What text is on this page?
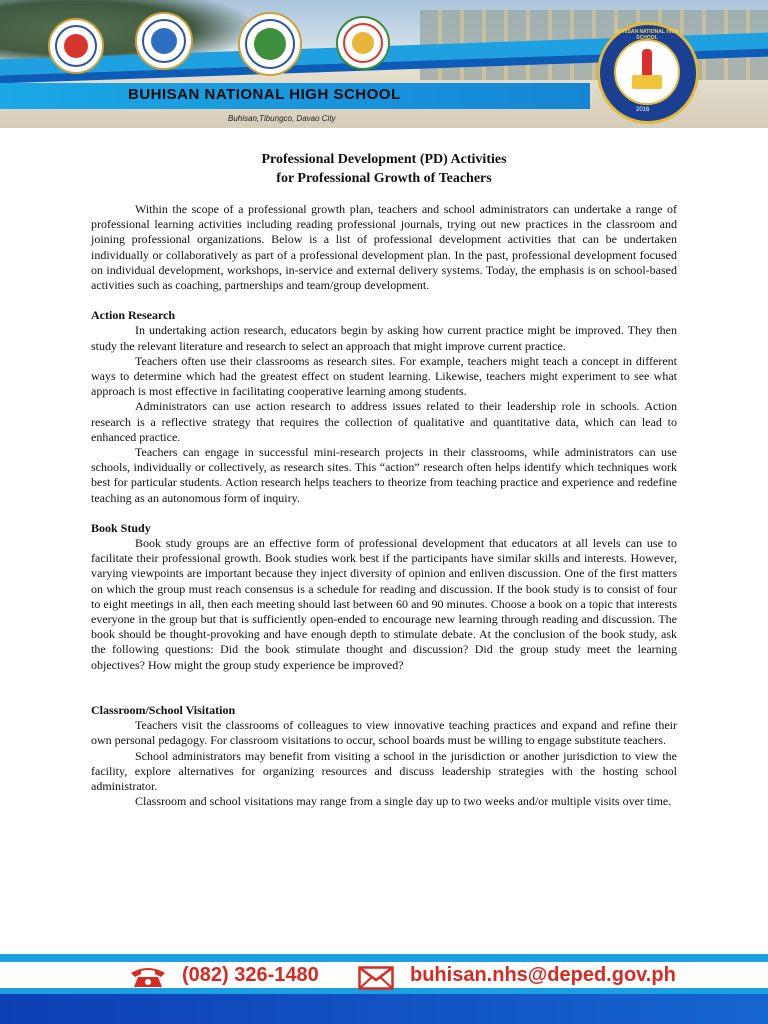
BUHISAN NATIONAL HIGH SCHOOL
Buhisan,Tibungco, Davao City
BUHISAN NATIONAL HIGH SCHOOL
2016
Professional Development (PD) Activities
for Professional Growth of Teachers

Within the scope of a professional growth plan, teachers and school administrators can undertake a range of professional learning activities including reading professional journals, trying out new practices in the classroom and joining professional organizations. Below is a list of professional development activities that can be undertaken individually or collaboratively as part of a professional development plan. In the past, professional development focused on individual development, workshops, in-service and external delivery systems. Today, the emphasis is on school-based activities such as coaching, partnerships and team/group development.

Action Research

In undertaking action research, educators begin by asking how current practice might be improved. They then study the relevant literature and research to select an approach that might improve current practice.

Teachers often use their classrooms as research sites. For example, teachers might teach a concept in different ways to determine which had the greatest effect on student learning. Likewise, teachers might experiment to see what approach is most effective in facilitating cooperative learning among students.

Administrators can use action research to address issues related to their leadership role in schools. Action research is a reflective strategy that requires the collection of qualitative and quantitative data, which can lead to enhanced practice.

Teachers can engage in successful mini-research projects in their classrooms, while administrators can use schools, individually or collectively, as research sites. This “action” research often helps identify which techniques work best for particular students. Action research helps teachers to theorize from teaching practice and experience and redefine teaching as an autonomous form of inquiry.

Book Study

Book study groups are an effective form of professional development that educators at all levels can use to facilitate their professional growth. Book studies work best if the participants have similar skills and interests. However, varying viewpoints are important because they inject diversity of opinion and enliven discussion. One of the first matters on which the group must reach consensus is a schedule for reading and discussion. If the book study is to consist of four to eight meetings in all, then each meeting should last between 60 and 90 minutes. Choose a book on a topic that interests everyone in the group but that is sufficiently open-ended to encourage new learning through reading and discussion. The book should be thought-provoking and have enough depth to stimulate debate. At the conclusion of the book study, ask the following questions: Did the book stimulate thought and discussion? Did the group study meet the learning objectives? How might the group study experience be improved?

Classroom/School Visitation

Teachers visit the classrooms of colleagues to view innovative teaching practices and expand and refine their own personal pedagogy. For classroom visitations to occur, school boards must be willing to engage substitute teachers.

School administrators may benefit from visiting a school in the jurisdiction or another jurisdiction to view the facility, explore alternatives for organizing resources and discuss leadership strategies with the hosting school administrator.

Classroom and school visitations may range from a single day up to two weeks and/or multiple visits over time.

(082) 326-1480	buhisan.nhs@deped.gov.ph
